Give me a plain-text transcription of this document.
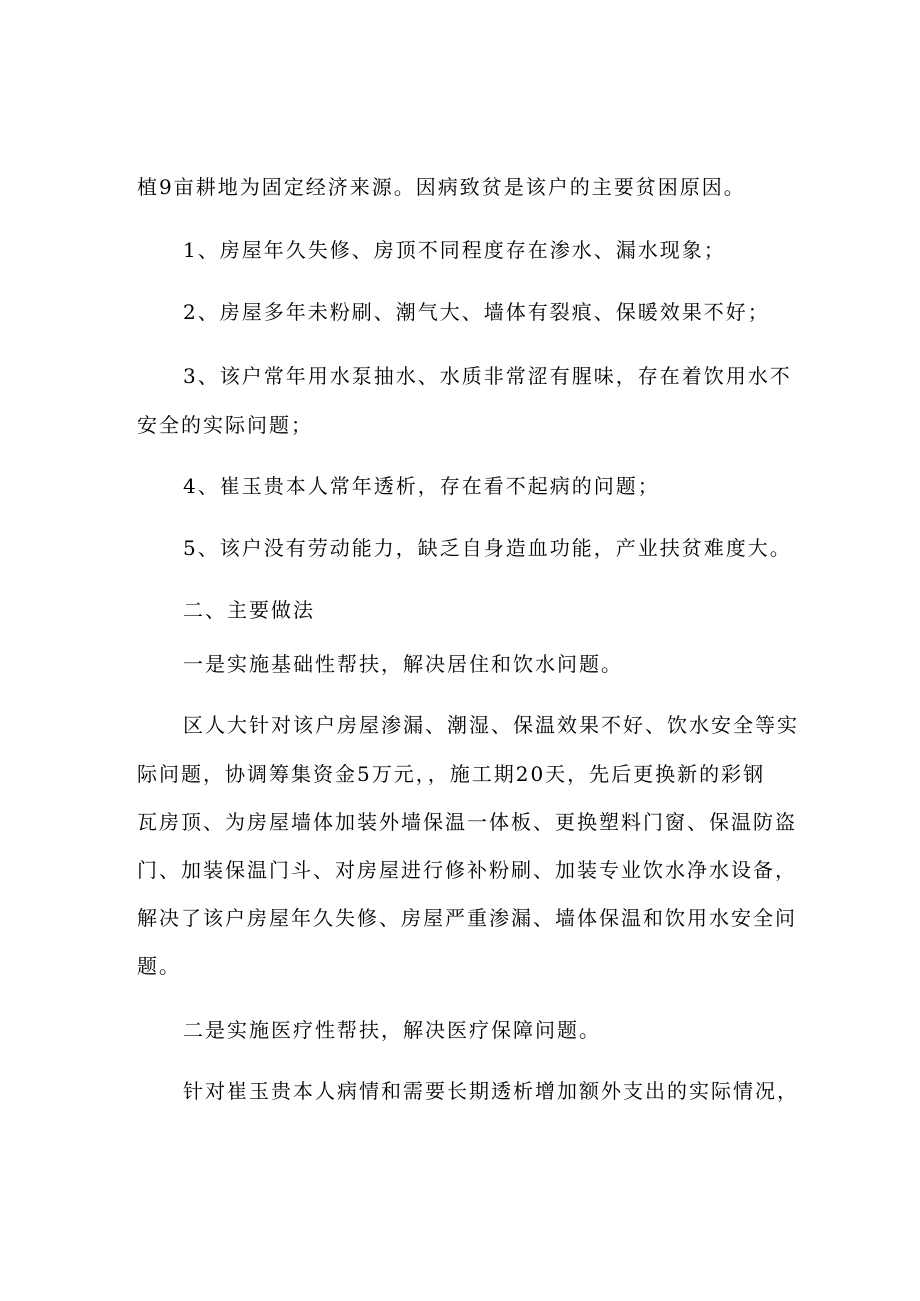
植9亩耕地为固定经济来源。因病致贫是该户的主要贫困原因。
1、房屋年久失修、房顶不同程度存在渗水、漏水现象；
2、房屋多年未粉刷、潮气大、墙体有裂痕、保暖效果不好；
3、该户常年用水泵抽水、水质非常涩有腥味，存在着饮用水不
安全的实际问题；
4、崔玉贵本人常年透析，存在看不起病的问题；
5、该户没有劳动能力，缺乏自身造血功能，产业扶贫难度大。
二、主要做法
一是实施基础性帮扶，解决居住和饮水问题。
区人大针对该户房屋渗漏、潮湿、保温效果不好、饮水安全等实
际问题，协调筹集资金5万元，，施工期20天，先后更换新的彩钢
瓦房顶、为房屋墙体加装外墙保温一体板、更换塑料门窗、保温防盗
门、加装保温门斗、对房屋进行修补粉刷、加装专业饮水净水设备，
解决了该户房屋年久失修、房屋严重渗漏、墙体保温和饮用水安全问
题。
二是实施医疗性帮扶，解决医疗保障问题。
针对崔玉贵本人病情和需要长期透析增加额外支出的实际情况，
